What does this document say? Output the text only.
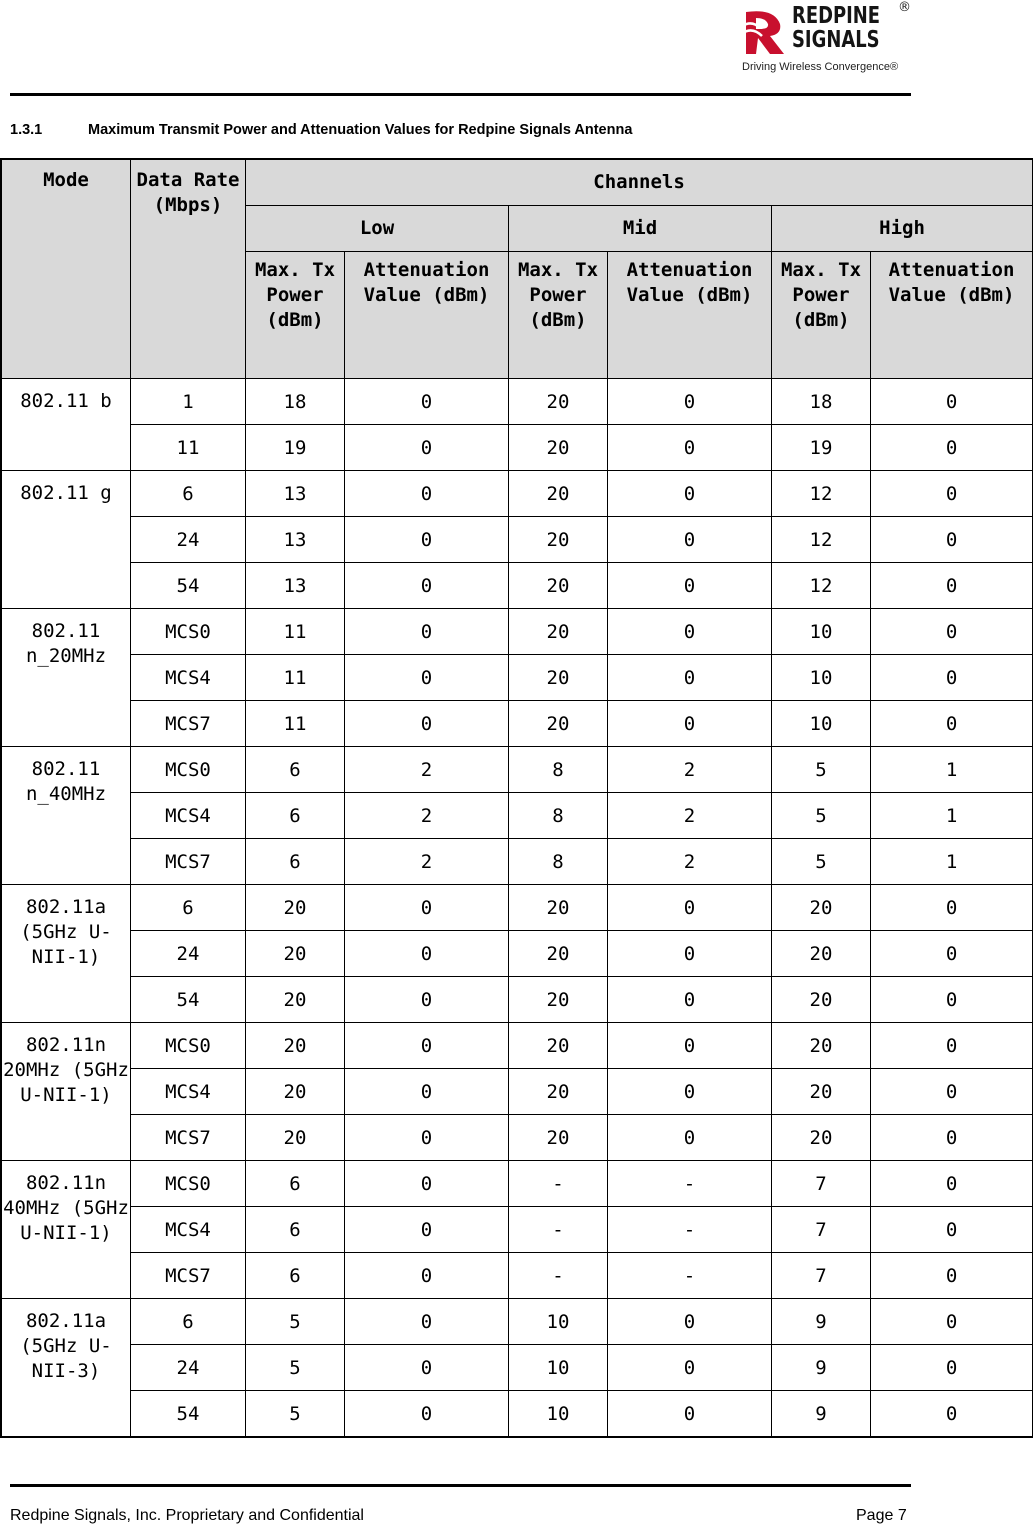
REDPINE
SIGNALS
®
Driving Wireless Convergence®
1.3.1	Maximum Transmit Power and Attenuation Values for Redpine Signals Antenna
Mode	Data Rate (Mbps)	Channels					
		Low		Mid		High	
		Max. Tx Power (dBm)	Attenuation Value (dBm)	Max. Tx Power (dBm)	Attenuation Value (dBm)	Max. Tx Power (dBm)	Attenuation Value (dBm)
802.11 b	1	18	0	20	0	18	0
	11	19	0	20	0	19	0
802.11 g	6	13	0	20	0	12	0
	24	13	0	20	0	12	0
	54	13	0	20	0	12	0
802.11 n_20MHz	MCS0	11	0	20	0	10	0
	MCS4	11	0	20	0	10	0
	MCS7	11	0	20	0	10	0
802.11 n_40MHz	MCS0	6	2	8	2	5	1
	MCS4	6	2	8	2	5	1
	MCS7	6	2	8	2	5	1
802.11a (5GHz U-NII-1)	6	20	0	20	0	20	0
	24	20	0	20	0	20	0
	54	20	0	20	0	20	0
802.11n 20MHz (5GHz U-NII-1)	MCS0	20	0	20	0	20	0
	MCS4	20	0	20	0	20	0
	MCS7	20	0	20	0	20	0
802.11n 40MHz (5GHz U-NII-1)	MCS0	6	0	-	-	7	0
	MCS4	6	0	-	-	7	0
	MCS7	6	0	-	-	7	0
802.11a (5GHz U-NII-3)	6	5	0	10	0	9	0
	24	5	0	10	0	9	0
	54	5	0	10	0	9	0
Redpine Signals, Inc. Proprietary and Confidential	Page 7
